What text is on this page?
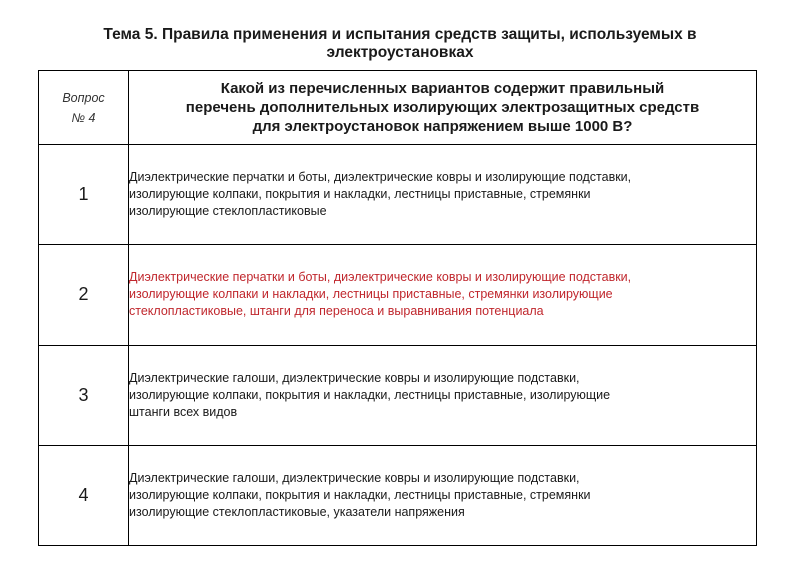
Тема 5. Правила применения и испытания средств защиты, используемых в
электроустановках
Вопрос
№ 4	Какой из перечисленных вариантов содержит правильный
перечень дополнительных изолирующих электрозащитных средств
для электроустановок напряжением выше 1000 В?

1	Диэлектрические перчатки и боты, диэлектрические ковры и изолирующие подставки,
изолирующие колпаки, покрытия и накладки, лестницы приставные, стремянки
изолирующие стеклопластиковые

2	Диэлектрические перчатки и боты, диэлектрические ковры и изолирующие подставки,
изолирующие колпаки и накладки, лестницы приставные, стремянки изолирующие
стеклопластиковые, штанги для переноса и выравнивания потенциала

3	Диэлектрические галоши, диэлектрические ковры и изолирующие подставки,
изолирующие колпаки, покрытия и накладки, лестницы приставные, изолирующие
штанги всех видов

4	Диэлектрические галоши, диэлектрические ковры и изолирующие подставки,
изолирующие колпаки, покрытия и накладки, лестницы приставные, стремянки
изолирующие стеклопластиковые, указатели напряжения
